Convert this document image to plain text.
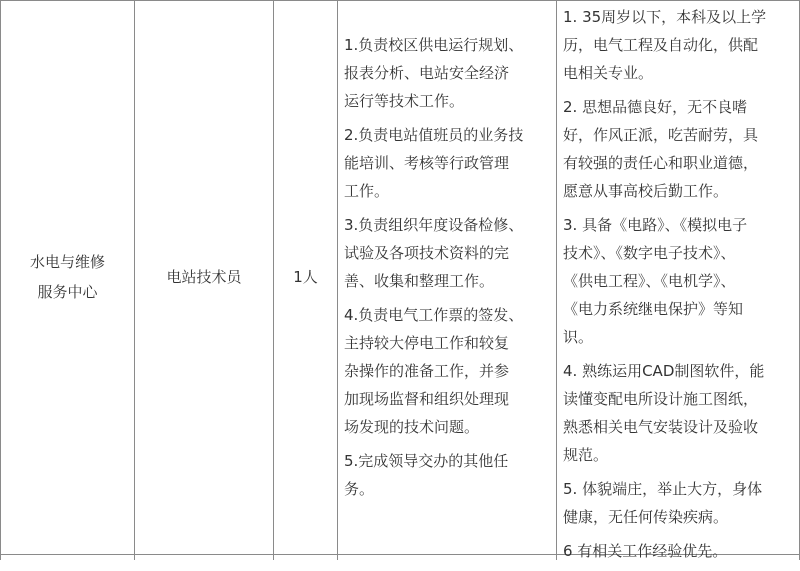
水电与维修
服务中心
电站技术员	1人
1.负责校区供电运行规划、
报表分析、电站安全经济
运行等技术工作。
2.负责电站值班员的业务技
能培训、考核等行政管理
工作。
3.负责组织年度设备检修、
试验及各项技术资料的完
善、收集和整理工作。
4.负责电气工作票的签发、
主持较大停电工作和较复
杂操作的准备工作，并参
加现场监督和组织处理现
场发现的技术问题。
5.完成领导交办的其他任
务。
1. 35周岁以下，本科及以上学
历，电气工程及自动化，供配
电相关专业。
2. 思想品德良好，无不良嗜
好，作风正派，吃苦耐劳，具
有较强的责任心和职业道德，
愿意从事高校后勤工作。
3. 具备《电路》、《模拟电子
技术》、《数字电子技术》、
《供电工程》、《电机学》、
《电力系统继电保护》等知
识。
4. 熟练运用CAD制图软件，能
读懂变配电所设计施工图纸，
熟悉相关电气安装设计及验收
规范。
5. 体貌端庄，举止大方，身体
健康，无任何传染疾病。
6 有相关工作经验优先。
